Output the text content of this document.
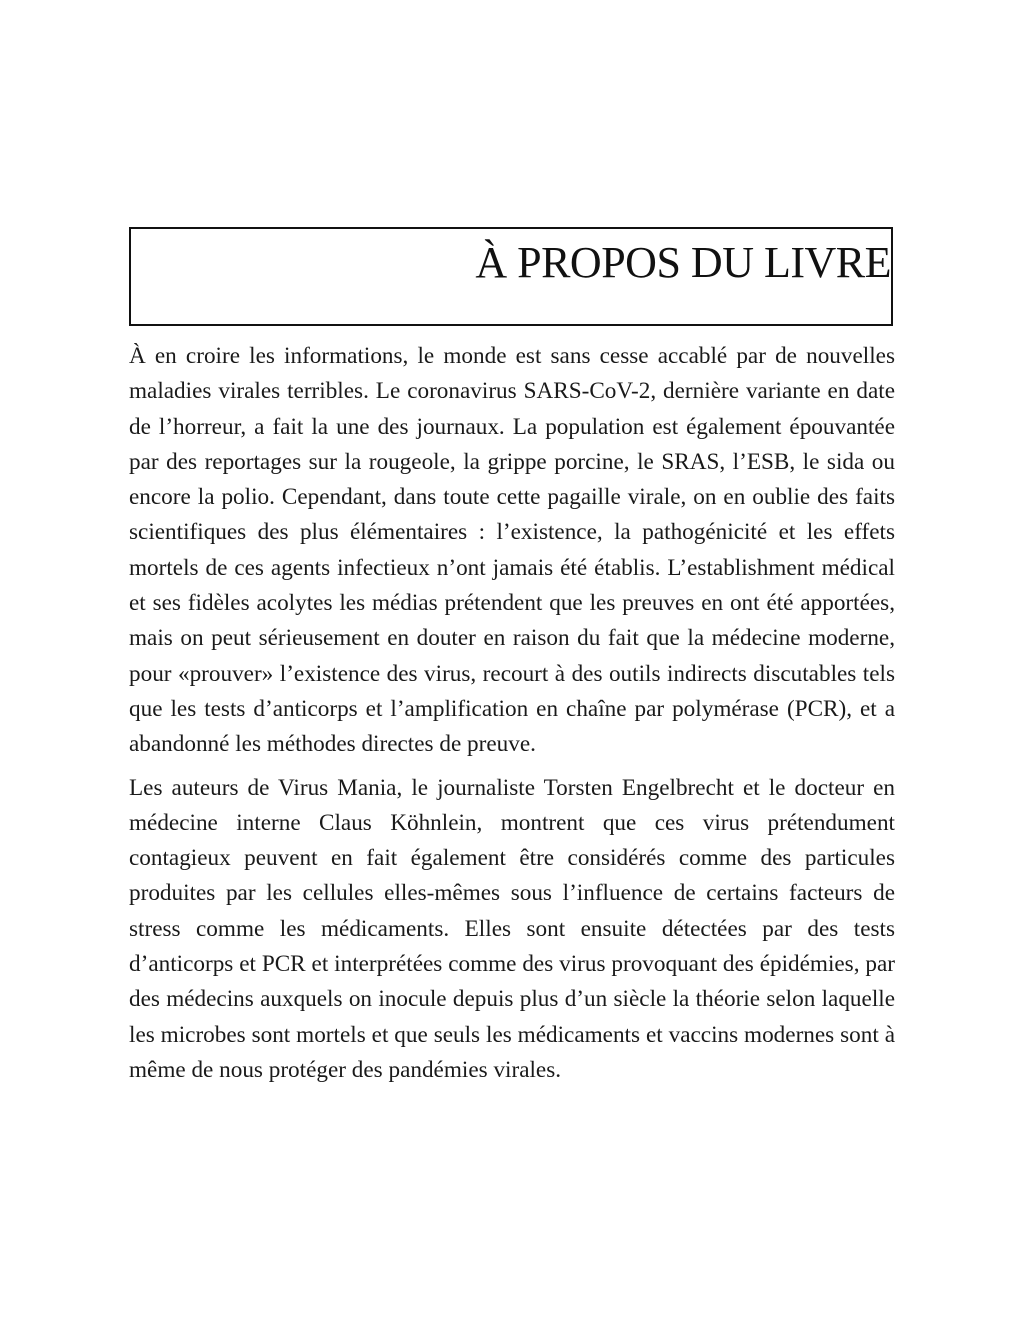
À PROPOS DU LIVRE

À en croire les informations, le monde est sans cesse accablé par de nouvelles maladies virales terribles. Le coronavirus SARS-CoV-2, dernière variante en date de l’horreur, a fait la une des journaux. La population est également épouvantée par des reportages sur la rougeole, la grippe porcine, le SRAS, l’ESB, le sida ou encore la polio. Cependant, dans toute cette pagaille virale, on en oublie des faits scientifiques des plus élémentaires : l’existence, la pathogénicité et les effets mortels de ces agents infectieux n’ont jamais été établis. L’establishment médical et ses fidèles acolytes les médias prétendent que les preuves en ont été apportées, mais on peut sérieusement en douter en raison du fait que la médecine moderne, pour «prouver» l’existence des virus, recourt à des outils indirects discutables tels que les tests d’anticorps et l’amplification en chaîne par polymérase (PCR), et a abandonné les méthodes directes de preuve.

Les auteurs de Virus Mania, le journaliste Torsten Engelbrecht et le docteur en médecine interne Claus Köhnlein, montrent que ces virus prétendument contagieux peuvent en fait également être considérés comme des particules produites par les cellules elles-mêmes sous l’influence de certains facteurs de stress comme les médicaments. Elles sont ensuite détectées par des tests d’anticorps et PCR et interprétées comme des virus provoquant des épidémies, par des médecins auxquels on inocule depuis plus d’un siècle la théorie selon laquelle les microbes sont mortels et que seuls les médicaments et vaccins modernes sont à même de nous protéger des pandémies virales.
